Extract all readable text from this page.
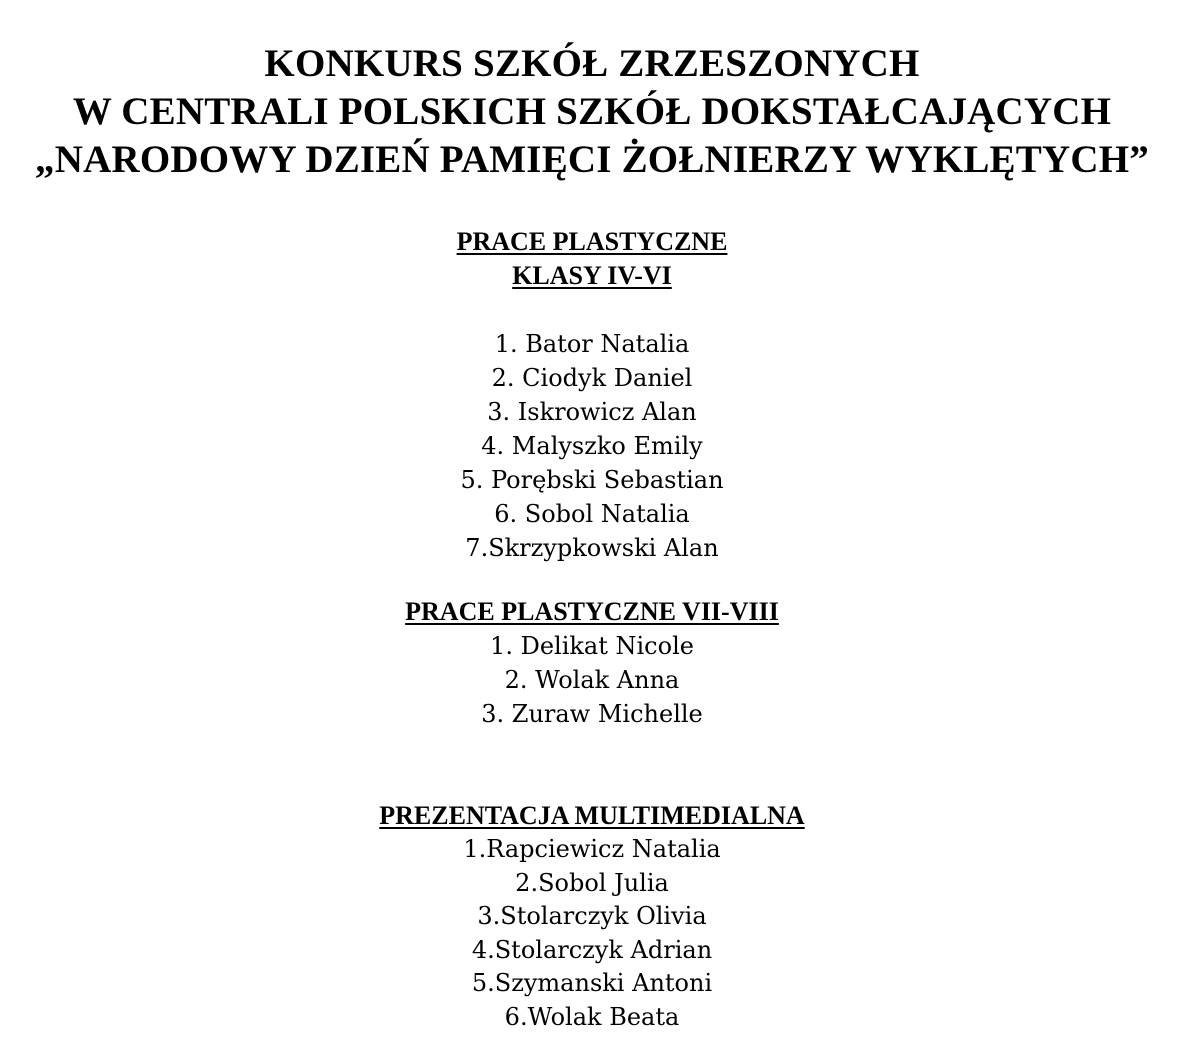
KONKURS SZKÓŁ ZRZESZONYCH
W CENTRALI POLSKICH SZKÓŁ DOKSTAŁCAJĄCYCH
„NARODOWY DZIEŃ PAMIĘCI ŻOŁNIERZY WYKLĘTYCH”
PRACE PLASTYCZNE
KLASY IV-VI
1. Bator Natalia
2. Ciodyk Daniel
3. Iskrowicz Alan
4. Malyszko Emily
5. Porębski Sebastian
6. Sobol Natalia
7.Skrzypkowski Alan
PRACE PLASTYCZNE VII-VIII
1. Delikat Nicole
2. Wolak Anna
3. Zuraw Michelle
PREZENTACJA MULTIMEDIALNA
1.Rapciewicz Natalia
2.Sobol Julia
3.Stolarczyk Olivia
4.Stolarczyk Adrian
5.Szymanski Antoni
6.Wolak Beata
